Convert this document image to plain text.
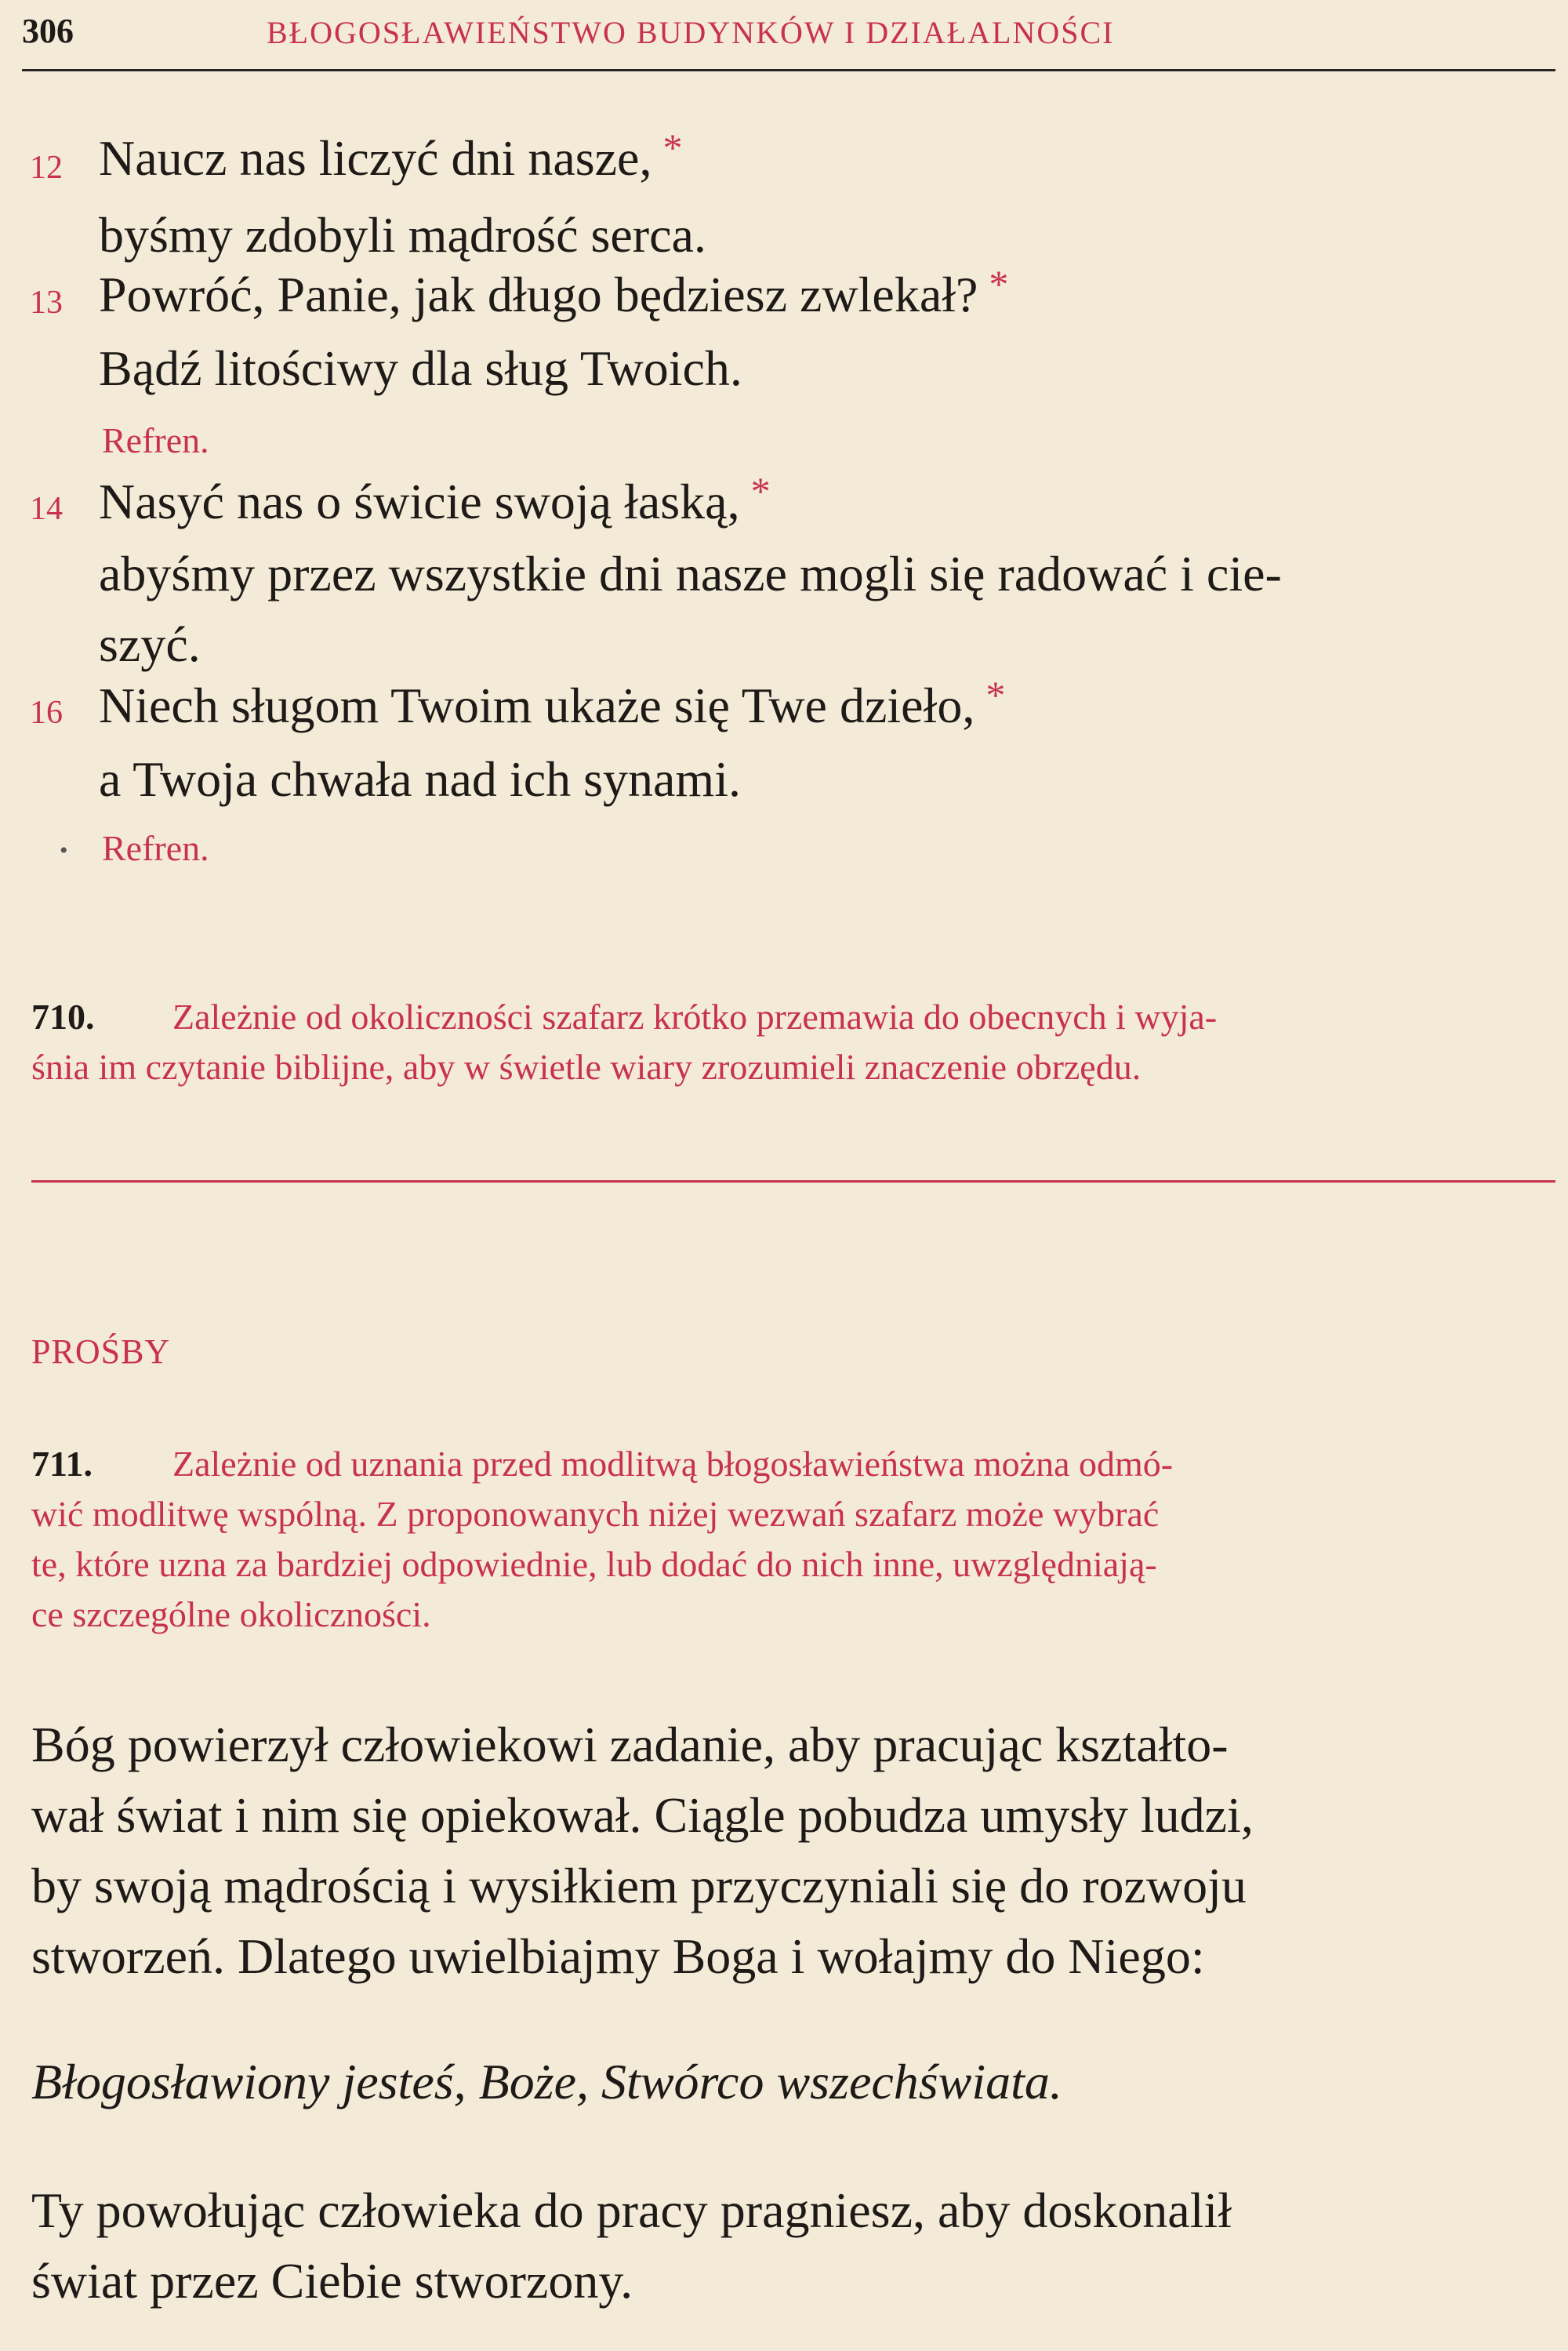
306	BŁOGOSŁAWIEŃSTWO BUDYNKÓW I DZIAŁALNOŚCI
12 Naucz nas liczyć dni nasze, *
byśmy zdobyli mądrość serca.
13 Powróć, Panie, jak długo będziesz zwlekał? *
Bądź litościwy dla sług Twoich.
Refren.
14 Nasyć nas o świcie swoją łaską, *
abyśmy przez wszystkie dni nasze mogli się radować i cie-
szyć.
16 Niech sługom Twoim ukaże się Twe dzieło, *
a Twoja chwała nad ich synami.
• Refren.
710. Zależnie od okoliczności szafarz krótko przemawia do obecnych i wyja-
śnia im czytanie biblijne, aby w świetle wiary zrozumieli znaczenie obrzędu.
PROŚBY
711. Zależnie od uznania przed modlitwą błogosławieństwa można odmó-
wić modlitwę wspólną. Z proponowanych niżej wezwań szafarz może wybrać
te, które uzna za bardziej odpowiednie, lub dodać do nich inne, uwzględniają-
ce szczególne okoliczności.
Bóg powierzył człowiekowi zadanie, aby pracując kształto-
wał świat i nim się opiekował. Ciągle pobudza umysły ludzi,
by swoją mądrością i wysiłkiem przyczyniali się do rozwoju
stworzeń. Dlatego uwielbiajmy Boga i wołajmy do Niego:
Błogosławiony jesteś, Boże, Stwórco wszechświata.
Ty powołując człowieka do pracy pragniesz, aby doskonalił
świat przez Ciebie stworzony.
